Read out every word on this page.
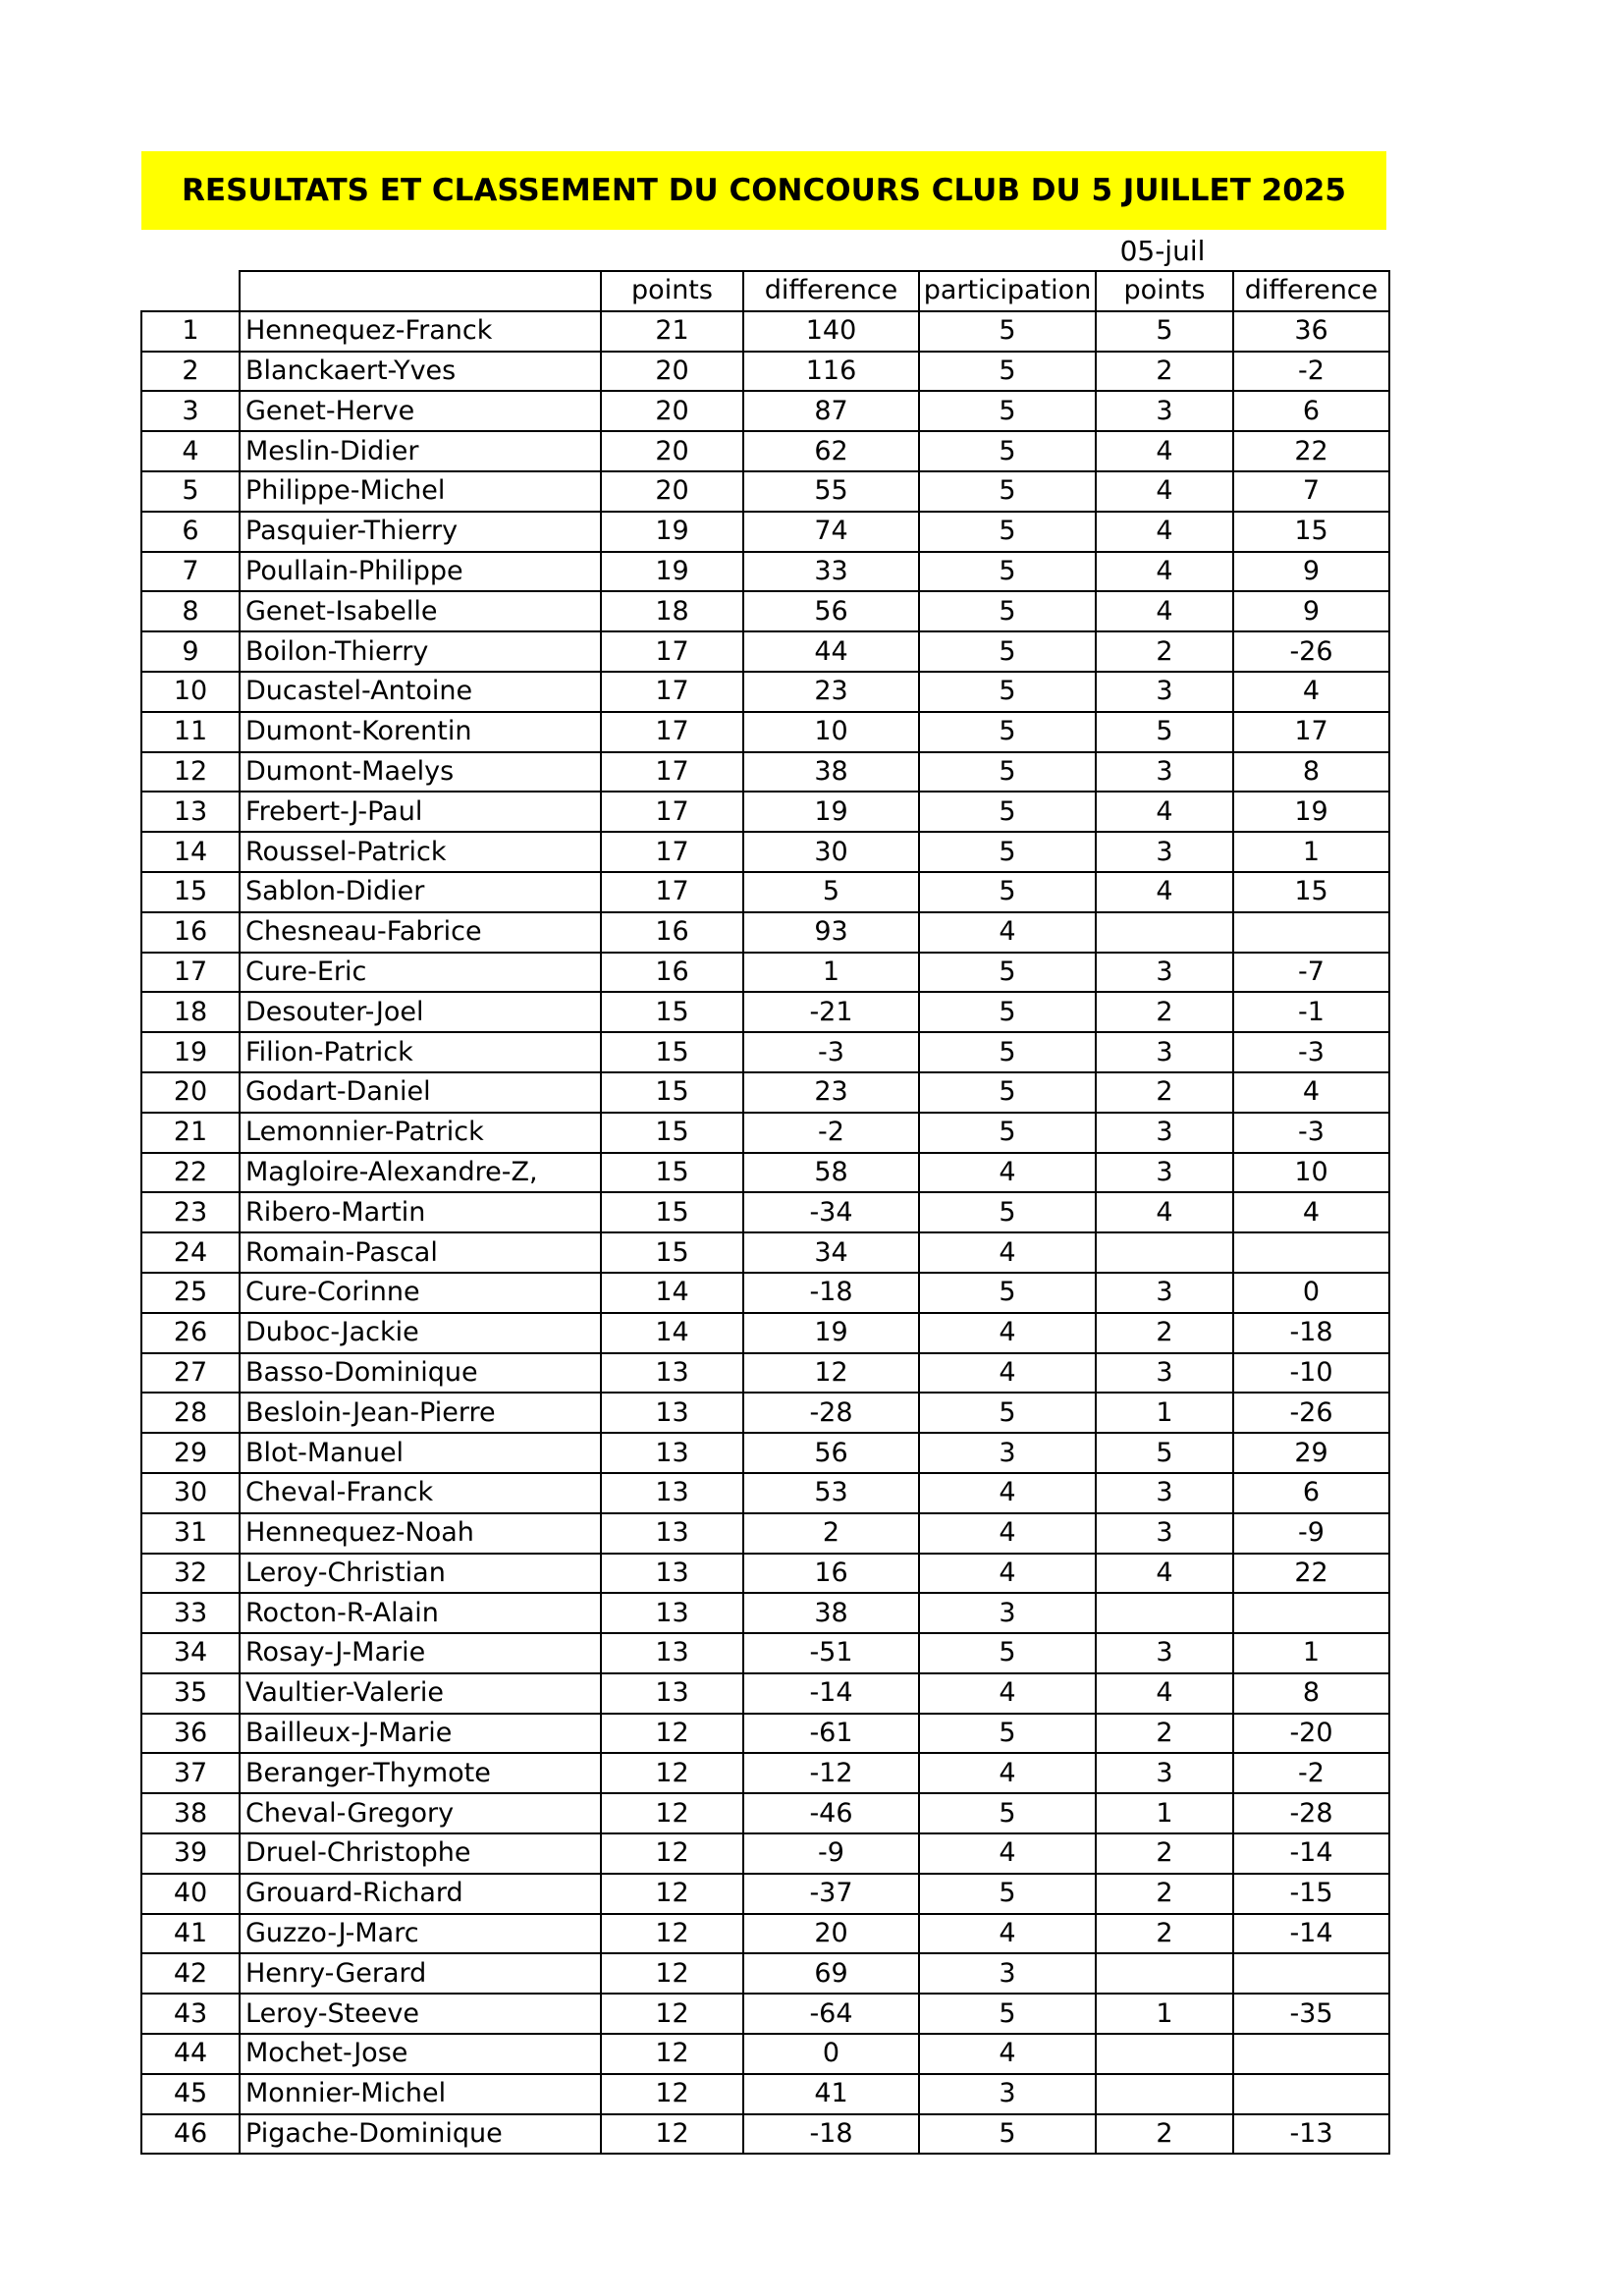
RESULTATS ET CLASSEMENT DU CONCOURS CLUB DU 5 JUILLET 2025
05-juil
		points	difference	participation	points	difference
1	Hennequez-Franck	21	140	5	5	36
2	Blanckaert-Yves	20	116	5	2	-2
3	Genet-Herve	20	87	5	3	6
4	Meslin-Didier	20	62	5	4	22
5	Philippe-Michel	20	55	5	4	7
6	Pasquier-Thierry	19	74	5	4	15
7	Poullain-Philippe	19	33	5	4	9
8	Genet-Isabelle	18	56	5	4	9
9	Boilon-Thierry	17	44	5	2	-26
10	Ducastel-Antoine	17	23	5	3	4
11	Dumont-Korentin	17	10	5	5	17
12	Dumont-Maelys	17	38	5	3	8
13	Frebert-J-Paul	17	19	5	4	19
14	Roussel-Patrick	17	30	5	3	1
15	Sablon-Didier	17	5	5	4	15
16	Chesneau-Fabrice	16	93	4		
17	Cure-Eric	16	1	5	3	-7
18	Desouter-Joel	15	-21	5	2	-1
19	Filion-Patrick	15	-3	5	3	-3
20	Godart-Daniel	15	23	5	2	4
21	Lemonnier-Patrick	15	-2	5	3	-3
22	Magloire-Alexandre-Z,	15	58	4	3	10
23	Ribero-Martin	15	-34	5	4	4
24	Romain-Pascal	15	34	4		
25	Cure-Corinne	14	-18	5	3	0
26	Duboc-Jackie	14	19	4	2	-18
27	Basso-Dominique	13	12	4	3	-10
28	Besloin-Jean-Pierre	13	-28	5	1	-26
29	Blot-Manuel	13	56	3	5	29
30	Cheval-Franck	13	53	4	3	6
31	Hennequez-Noah	13	2	4	3	-9
32	Leroy-Christian	13	16	4	4	22
33	Rocton-R-Alain	13	38	3		
34	Rosay-J-Marie	13	-51	5	3	1
35	Vaultier-Valerie	13	-14	4	4	8
36	Bailleux-J-Marie	12	-61	5	2	-20
37	Beranger-Thymote	12	-12	4	3	-2
38	Cheval-Gregory	12	-46	5	1	-28
39	Druel-Christophe	12	-9	4	2	-14
40	Grouard-Richard	12	-37	5	2	-15
41	Guzzo-J-Marc	12	20	4	2	-14
42	Henry-Gerard	12	69	3		
43	Leroy-Steeve	12	-64	5	1	-35
44	Mochet-Jose	12	0	4		
45	Monnier-Michel	12	41	3		
46	Pigache-Dominique	12	-18	5	2	-13
